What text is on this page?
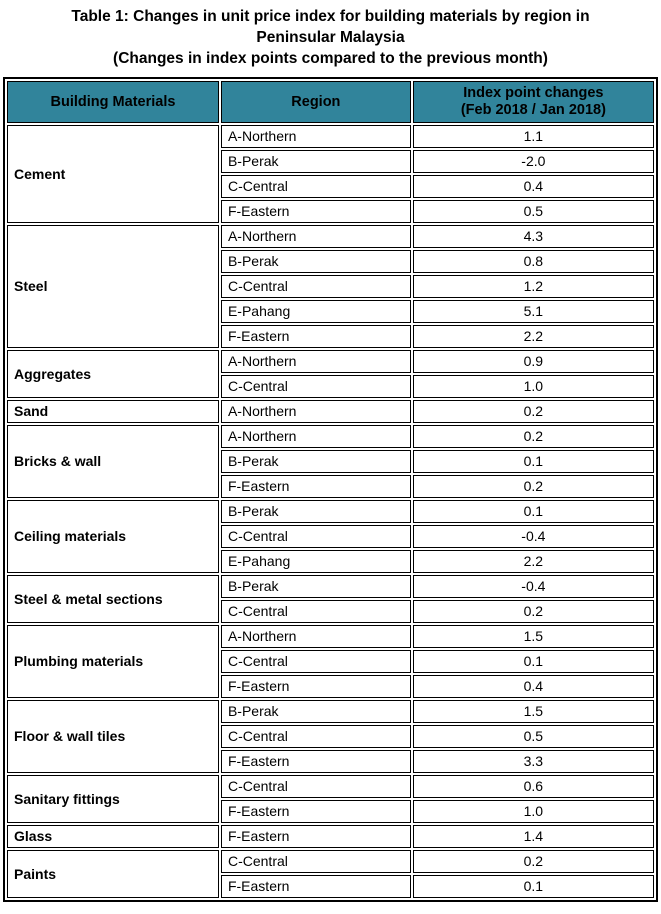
Table 1: Changes in unit price index for building materials by region in
Peninsular Malaysia
(Changes in index points compared to the previous month)
Building Materials	Region	Index point changes
(Feb 2018 / Jan 2018)

Cement	A-Northern	1.1
	B-Perak	-2.0
	C-Central	0.4
	F-Eastern	0.5
Steel	A-Northern	4.3
	B-Perak	0.8
	C-Central	1.2
	E-Pahang	5.1
	F-Eastern	2.2
Aggregates	A-Northern	0.9
	C-Central	1.0
Sand	A-Northern	0.2
Bricks & wall	A-Northern	0.2
	B-Perak	0.1
	F-Eastern	0.2
Ceiling materials	B-Perak	0.1
	C-Central	-0.4
	E-Pahang	2.2
Steel & metal sections	B-Perak	-0.4
	C-Central	0.2
Plumbing materials	A-Northern	1.5
	C-Central	0.1
	F-Eastern	0.4
Floor & wall tiles	B-Perak	1.5
	C-Central	0.5
	F-Eastern	3.3
Sanitary fittings	C-Central	0.6
	F-Eastern	1.0
Glass	F-Eastern	1.4
Paints	C-Central	0.2
	F-Eastern	0.1
